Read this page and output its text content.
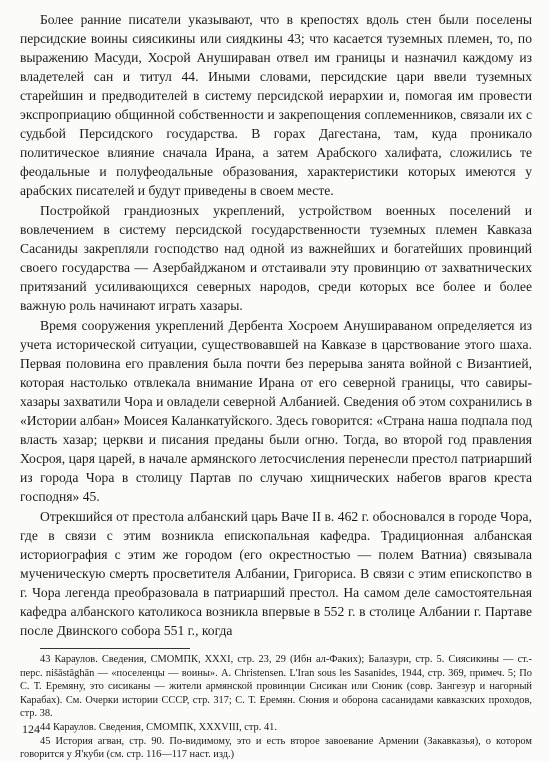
Более ранние писатели указывают, что в крепостях вдоль стен были поселены персидские воины сиясикины или сиядкины 43; что касается туземных племен, то, по выражению Масуди, Хосрой Анушираван отвел им границы и назначил каждому из владетелей сан и титул 44. Иными словами, персидские цари ввели туземных старейшин и предводителей в систему персидской иерархии и, помогая им провести экспроприацию общинной собственности и закрепощения соплеменников, связали их с судьбой Персидского государства. В горах Дагестана, там, куда проникало политическое влияние сначала Ирана, а затем Арабского халифата, сложились те феодальные и полуфеодальные образования, характеристики которых имеются у арабских писателей и будут приведены в своем месте.

Постройкой грандиозных укреплений, устройством военных поселений и вовлечением в систему персидской государственности туземных племен Кавказа Сасаниды закрепляли господство над одной из важнейших и богатейших провинций своего государства — Азербайджаном и отстаивали эту провинцию от захватнических притязаний усиливающихся северных народов, среди которых все более и более важную роль начинают играть хазары.

Время сооружения укреплений Дербента Хосроем Анушираваном определяется из учета исторической ситуации, существовавшей на Кавказе в царствование этого шаха. Первая половина его правления была почти без перерыва занята войной с Византией, которая настолько отвлекала внимание Ирана от его северной границы, что савиры-хазары захватили Чора и овладели северной Албанией. Сведения об этом сохранились в «Истории албан» Моисея Каланкатуйского. Здесь говорится: «Страна наша подпала под власть хазар; церкви и писания преданы были огню. Тогда, во второй год правления Хосроя, царя царей, в начале армянского летосчисления перенесли престол патриарший из города Чора в столицу Партав по случаю хищнических набегов врагов креста господня» 45.

Отрекшийся от престола албанский царь Ваче II в. 462 г. обосновался в городе Чора, где в связи с этим возникла епископальная кафедра. Традиционная албанская историография с этим же городом (его окрестностью — полем Ватниа) связывала мученическую смерть просветителя Албании, Григориса. В связи с этим епископство в г. Чора легенда преобразовала в патриарший престол. На самом деле самостоятельная кафедра албанского католикоса возникла впервые в 552 г. в столице Албании г. Партаве после Двинского собора 551 г., когда

43 Караулов. Сведения, СМОМПК, XXXI, стр. 23, 29 (Ибн ал-Факих); Балазури, стр. 5. Сиясикины — ст.-перс. nišāstāghān — «поселенцы — воины». A. Christensen. L'Iran sous les Sasanides, 1944, стр. 369, примеч. 5; По С. Т. Еремяну, это сисиканы — жители армянской провинции Сисикан или Сюник (совр. Зангезур и нагорный Карабах). См. Очерки истории СССР, стр. 317; С. Т. Еремян. Сюния и оборона сасанидами кавказских проходов, стр. 38.

44 Караулов. Сведения, СМОМПК, XXXVIII, стр. 41.

45 История агван, стр. 90. По-видимому, это и есть второе завоевание Армении (Закавказья), о котором говорится у Я'куби (см. стр. 116—117 наст. изд.)

124
